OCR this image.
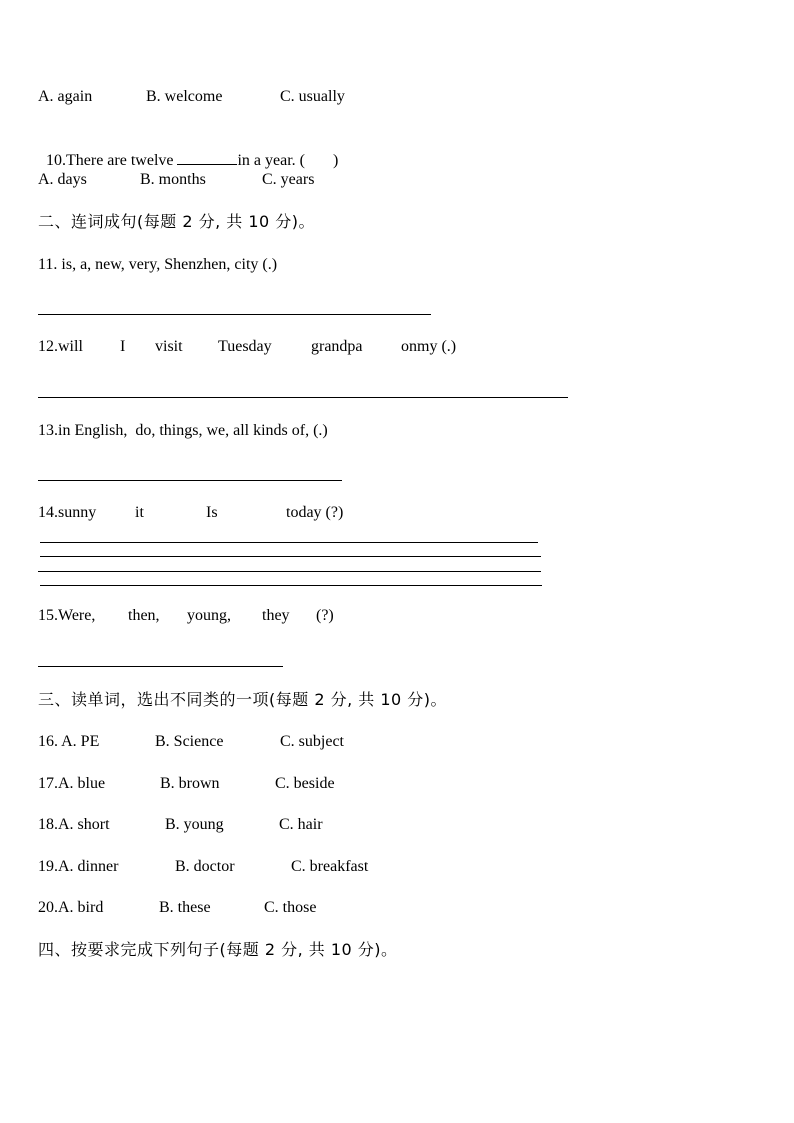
A. again	B. welcome	C. usually

10.There are twelve	in a year. ( )

A. days	B. months	C. years
二、连词成句(每题 2 分, 共 10 分)。
11. is, a, new, very, Shenzhen, city (.)
12.will I visit Tuesday grandpa onmy (.)
13.in English,  do, things, we, all kinds of, (.)
14.sunny it	Is	today (?)
15.Were, then, young, they (?)
三、读单词，选出不同类的一项(每题 2 分, 共 10 分)。
16. A. PE	B. Science	C. subject
17.A. blue	B. brown	C. beside
18.A. short	B. young	C. hair
19.A. dinner	B. doctor	C. breakfast
20.A. bird	B. these	C. those
四、按要求完成下列句子(每题 2 分, 共 10 分)。
